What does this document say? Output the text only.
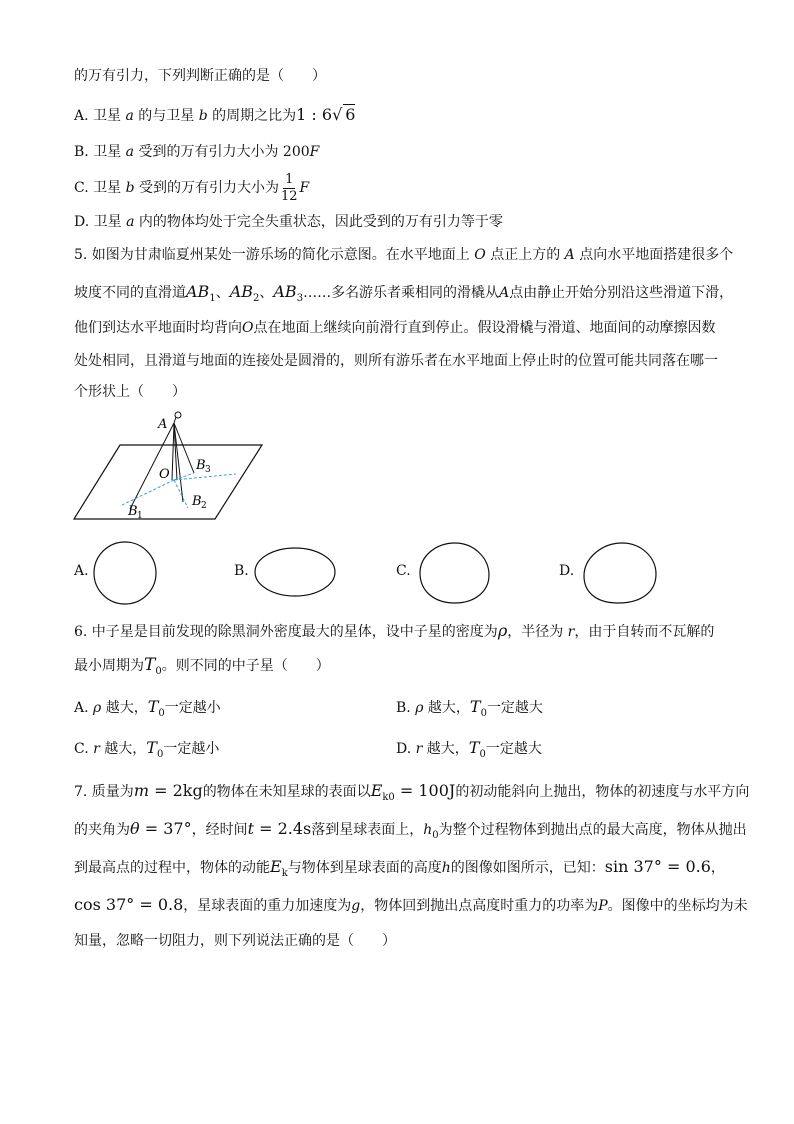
的万有引力，下列判断正确的是（　　）
A. 卫星 a 的与卫星 b 的周期之比为1 : 6√ 6
B. 卫星 a 受到的万有引力大小为 200F
C. 卫星
b
受到的万有引力大小为 $\frac{1}{12}$ F
D. 卫星 a 内的物体均处于完全失重状态，因此受到的万有引力等于零
5. 如图为甘肃临夏州某处一游乐场的简化示意图。在水平地面上 O 点正上方的 A 点向水平地面搭建很多个
坡度不同的直滑道$AB_1$、$AB_2$、$AB_3\dots\dots$多名游乐者乘相同的滑橇从A点由静止开始分别沿这些滑道下滑，
他们到达水平地面时均背向O点在地面上继续向前滑行直到停止。假设滑橇与滑道、地面间的动摩擦因数
处处相同，且滑道与地面的连接处是圆滑的，则所有游乐者在水平地面上停止时的位置可能共同落在哪一
个形状上（　　）
A
O
B 3
B 2
B 1
A.	B.	C.	D.
6. 中子星是目前发现的除黑洞外密度最大的星体，设中子星的密度为ρ，半径为 r，由于自转而不瓦解的
最小周期为$T_0$。则不同的中子星（　　）
A. ρ 越大，$T_0$一定越小	B. ρ 越大，$T_0$一定越大
C. r 越大，$T_0$一定越小	D. r 越大，$T_0$一定越大
7. 质量为m = 2kg的物体在未知星球的表面以$E_{k0} = 100J$的初动能斜向上抛出，物体的初速度与水平方向
的夹角为θ = 37°，经时间t = 2.4s落到星球表面上，$h_0$为整个过程物体到抛出点的最大高度，物体从抛出
到最高点的过程中，物体的动能$E_k$与物体到星球表面的高度h的图像如图所示，已知：sin 37° = 0.6，
cos 37° = 0.8，星球表面的重力加速度为g，物体回到抛出点高度时重力的功率为P。图像中的坐标均为未
知量，忽略一切阻力，则下列说法正确的是（　　）
